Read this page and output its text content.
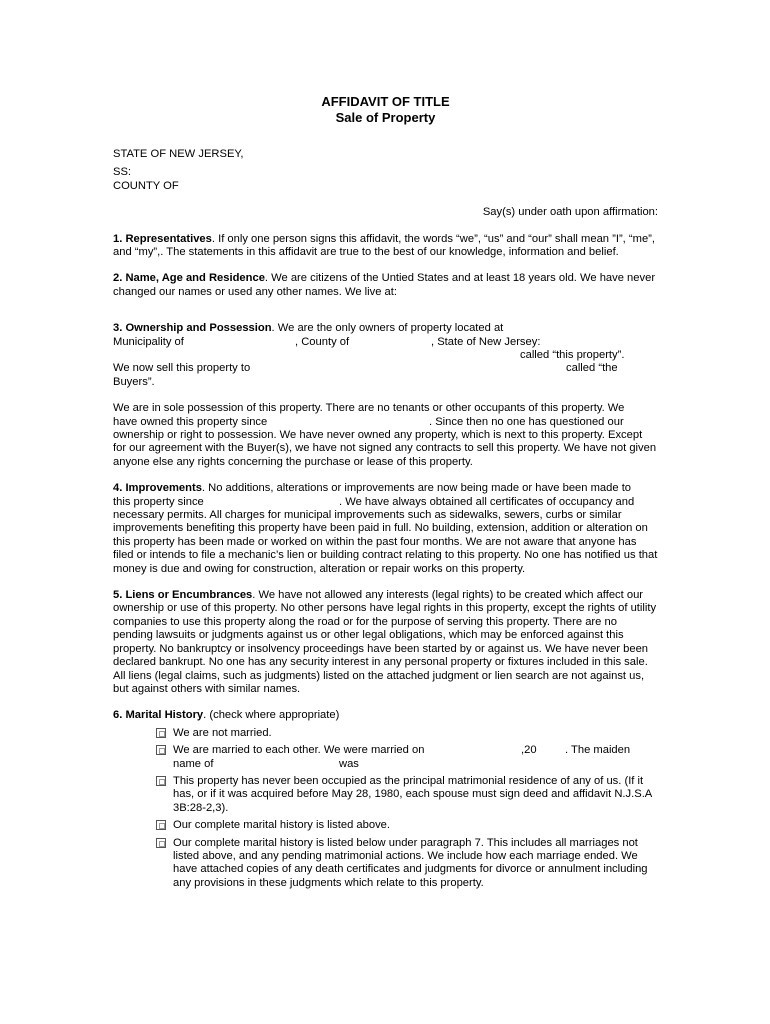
AFFIDAVIT OF TITLE
Sale of Property

STATE OF NEW JERSEY,

SS:

COUNTY OF

Say(s) under oath upon affirmation:

1. Representatives. If only one person signs this affidavit, the words “we”, “us” and “our” shall mean ”I”, “me”, and “my”,. The statements in this affidavit are true to the best of our knowledge, information and belief.

2. Name, Age and Residence. We are citizens of the Untied States and at least 18 years old. We have never changed our names or used any other names. We live at:

3. Ownership and Possession. We are the only owners of property located at

Municipality of	, County of	, State of New Jersey:
called “this property”.
We now sell this property to	called “the

Buyers”.

We are in sole possession of this property. There are no tenants or other occupants of this property. We

have owned this property since	. Since then no one has questioned our

ownership or right to possession. We have never owned any property, which is next to this property. Except for our agreement with the Buyer(s), we have not signed any contracts to sell this property. We have not given anyone else any rights concerning the purchase or lease of this property.

4. Improvements. No additions, alterations or improvements are now being made or have been made to

this property since	. We have always obtained all certificates of occupancy and

necessary permits. All charges for municipal improvements such as sidewalks, sewers, curbs or similar improvements benefiting this property have been paid in full. No building, extension, addition or alteration on this property has been made or worked on within the past four months. We are not aware that anyone has filed or intends to file a mechanic’s lien or building contract relating to this property. No one has notified us that money is due and owing for construction, alteration or repair works on this property.

5. Liens or Encumbrances. We have not allowed any interests (legal rights) to be created which affect our ownership or use of this property. No other persons have legal rights in this property, except the rights of utility companies to use this property along the road or for the purpose of serving this property. There are no pending lawsuits or judgments against us or other legal obligations, which may be enforced against this property. No bankruptcy or insolvency proceedings have been started by or against us. We have never been declared bankrupt. No one has any security interest in any personal property or fixtures included in this sale. All liens (legal claims, such as judgments) listed on the attached judgment or lien search are not against us, but against others with similar names.

6. Marital History. (check where appropriate)

We are not married.
We are married to each other. We were married on	,20	. The maiden
name of	was
This property has never been occupied as the principal matrimonial residence of any of us. (If it has, or if it was acquired before May 28, 1980, each spouse must sign deed and affidavit N.J.S.A 3B:28-2,3).
Our complete marital history is listed above.
Our complete marital history is listed below under paragraph 7. This includes all marriages not listed above, and any pending matrimonial actions. We include how each marriage ended. We have attached copies of any death certificates and judgments for divorce or annulment including any provisions in these judgments which relate to this property.
